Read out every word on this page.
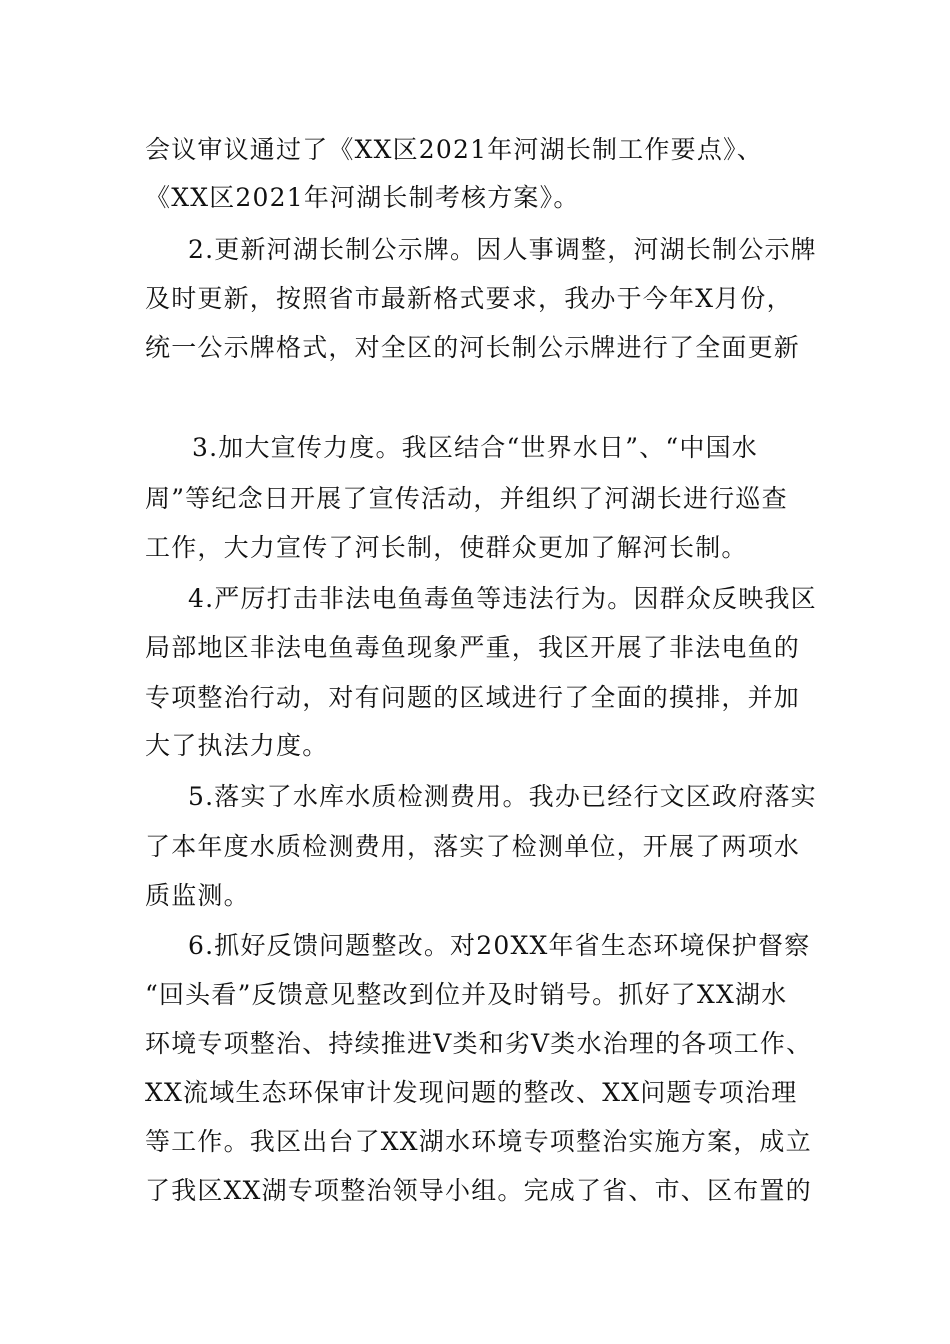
会议审议通过了《XX区2021年河湖长制工作要点》、
《XX区2021年河湖长制考核方案》。
2.更新河湖长制公示牌。因人事调整，河湖长制公示牌
及时更新，按照省市最新格式要求，我办于今年X月份，
统一公示牌格式，对全区的河长制公示牌进行了全面更新
3.加大宣传力度。我区结合“世界水日”、“中国水
周”等纪念日开展了宣传活动，并组织了河湖长进行巡查
工作，大力宣传了河长制，使群众更加了解河长制。
4.严厉打击非法电鱼毒鱼等违法行为。因群众反映我区
局部地区非法电鱼毒鱼现象严重，我区开展了非法电鱼的
专项整治行动，对有问题的区域进行了全面的摸排，并加
大了执法力度。
5.落实了水库水质检测费用。我办已经行文区政府落实
了本年度水质检测费用，落实了检测单位，开展了两项水
质监测。
6.抓好反馈问题整改。对20XX年省生态环境保护督察
“回头看”反馈意见整改到位并及时销号。抓好了XX湖水
环境专项整治、持续推进V类和劣V类水治理的各项工作、
XX流域生态环保审计发现问题的整改、XX问题专项治理
等工作。我区出台了XX湖水环境专项整治实施方案，成立
了我区XX湖专项整治领导小组。完成了省、市、区布置的
